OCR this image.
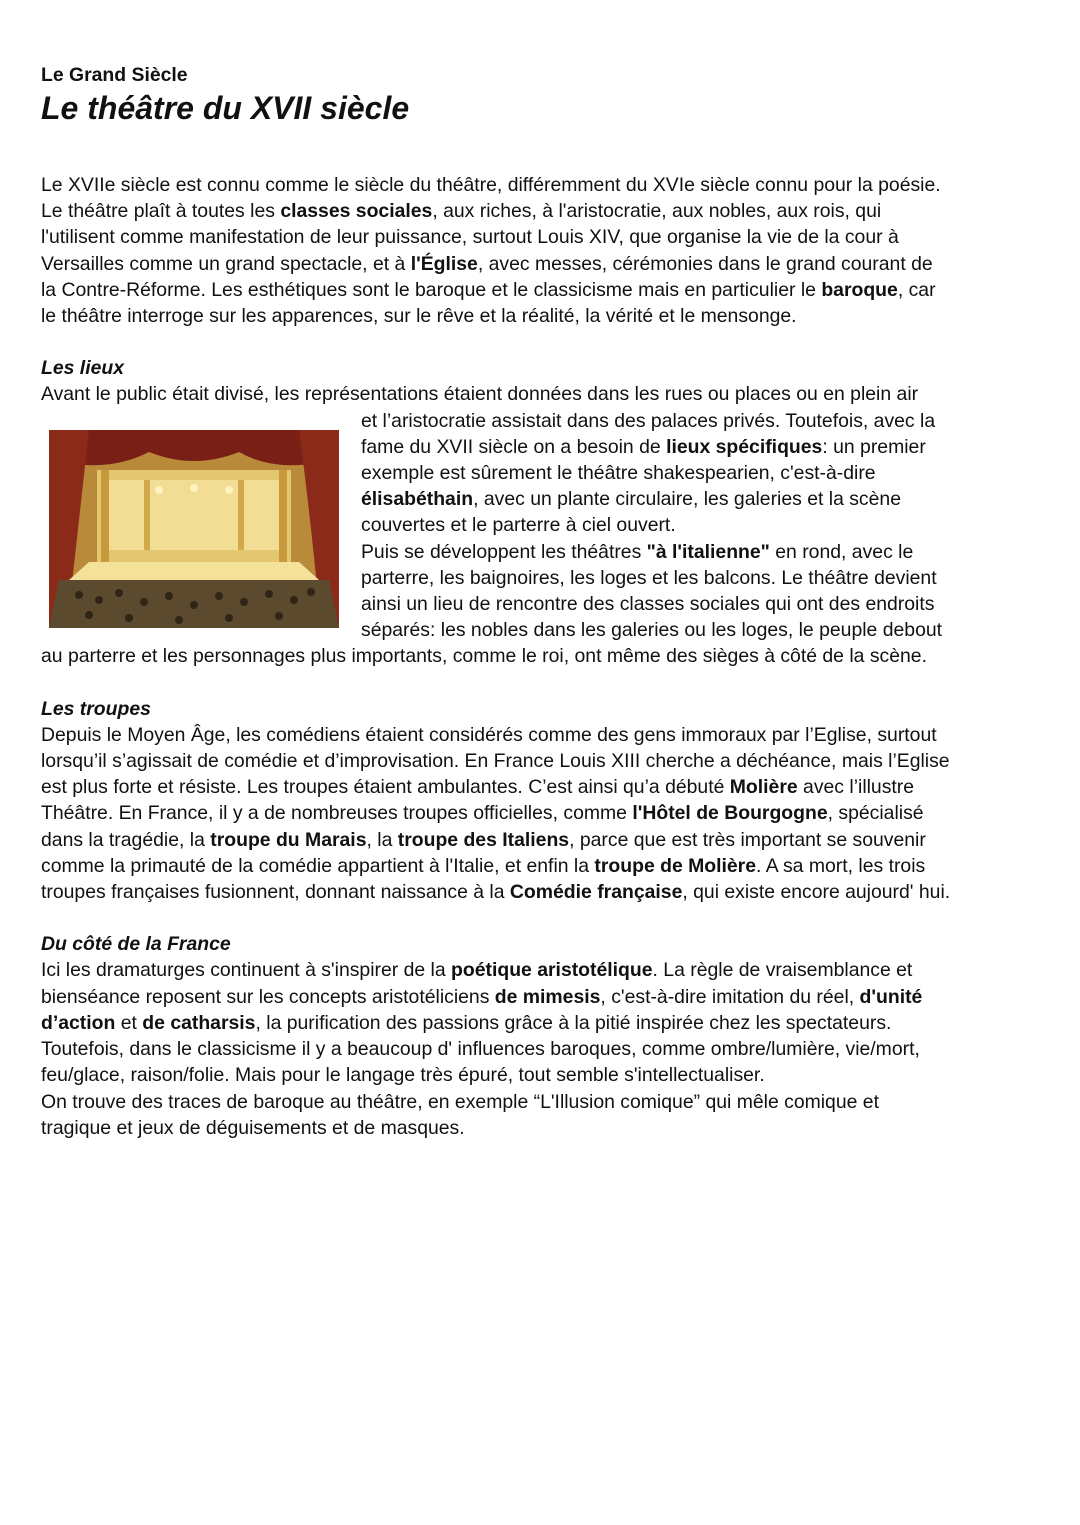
Le Grand Siècle

Le théâtre du XVII siècle

Le XVIIe siècle est connu comme le siècle du théâtre, différemment du XVIe siècle connu pour la poésie.

Le théâtre plaît à toutes les classes sociales, aux riches, à l'aristocratie, aux nobles, aux rois, qui l'utilisent comme manifestation de leur puissance, surtout Louis XIV, que organise la vie de la cour à Versailles comme un grand spectacle, et à l'Église, avec messes, cérémonies dans le grand courant de la Contre-Réforme. Les esthétiques sont le baroque et le classicisme mais en particulier le baroque, car le théâtre interroge sur les apparences, sur le rêve et la réalité, la vérité et le mensonge.

Les lieux

Avant le public était divisé, les représentations étaient données dans les rues ou places ou en plein air

et l’aristocratie assistait dans des palaces privés. Toutefois, avec la fame du XVII siècle on a besoin de lieux spécifiques: un premier exemple est sûrement le théâtre shakespearien, c'est-à-dire élisabéthain, avec un plante circulaire, les galeries et la scène couvertes et le parterre à ciel ouvert.
Puis se développent les théâtres "à l'italienne" en rond, avec le parterre, les baignoires, les loges et les balcons. Le théâtre devient ainsi un lieu de rencontre des classes sociales qui ont des endroits séparés: les nobles dans les galeries ou les loges, le peuple debout au parterre et les personnages plus importants, comme le roi, ont même des sièges à côté de la scène.

Les troupes

Depuis le Moyen Âge, les comédiens étaient considérés comme des gens immoraux par l’Eglise, surtout lorsqu’il s’agissait de comédie et d’improvisation. En France Louis XIII cherche a déchéance, mais l’Eglise est plus forte et résiste. Les troupes étaient ambulantes. C’est ainsi qu’a débuté Molière avec l’illustre Théâtre. En France, il y a de nombreuses troupes officielles, comme l'Hôtel de Bourgogne, spécialisé dans la tragédie, la troupe du Marais, la troupe des Italiens, parce que est très important se souvenir comme la primauté de la comédie appartient à l'Italie, et enfin la troupe de Molière. A sa mort, les trois troupes françaises fusionnent, donnant naissance à la Comédie française, qui existe encore aujourd' hui.

Du côté de la France

Ici les dramaturges continuent à s'inspirer de la poétique aristotélique. La règle de vraisemblance et bienséance reposent sur les concepts aristotéliciens de mimesis, c'est-à-dire imitation du réel, d'unité d’action et de catharsis, la purification des passions grâce à la pitié inspirée chez les spectateurs.

Toutefois, dans le classicisme il y a beaucoup d' influences baroques, comme ombre/lumière, vie/mort, feu/glace, raison/folie. Mais pour le langage très épuré, tout semble s'intellectualiser.

On trouve des traces de baroque au théâtre, en exemple “L'Illusion comique” qui mêle comique et tragique et jeux de déguisements et de masques.
